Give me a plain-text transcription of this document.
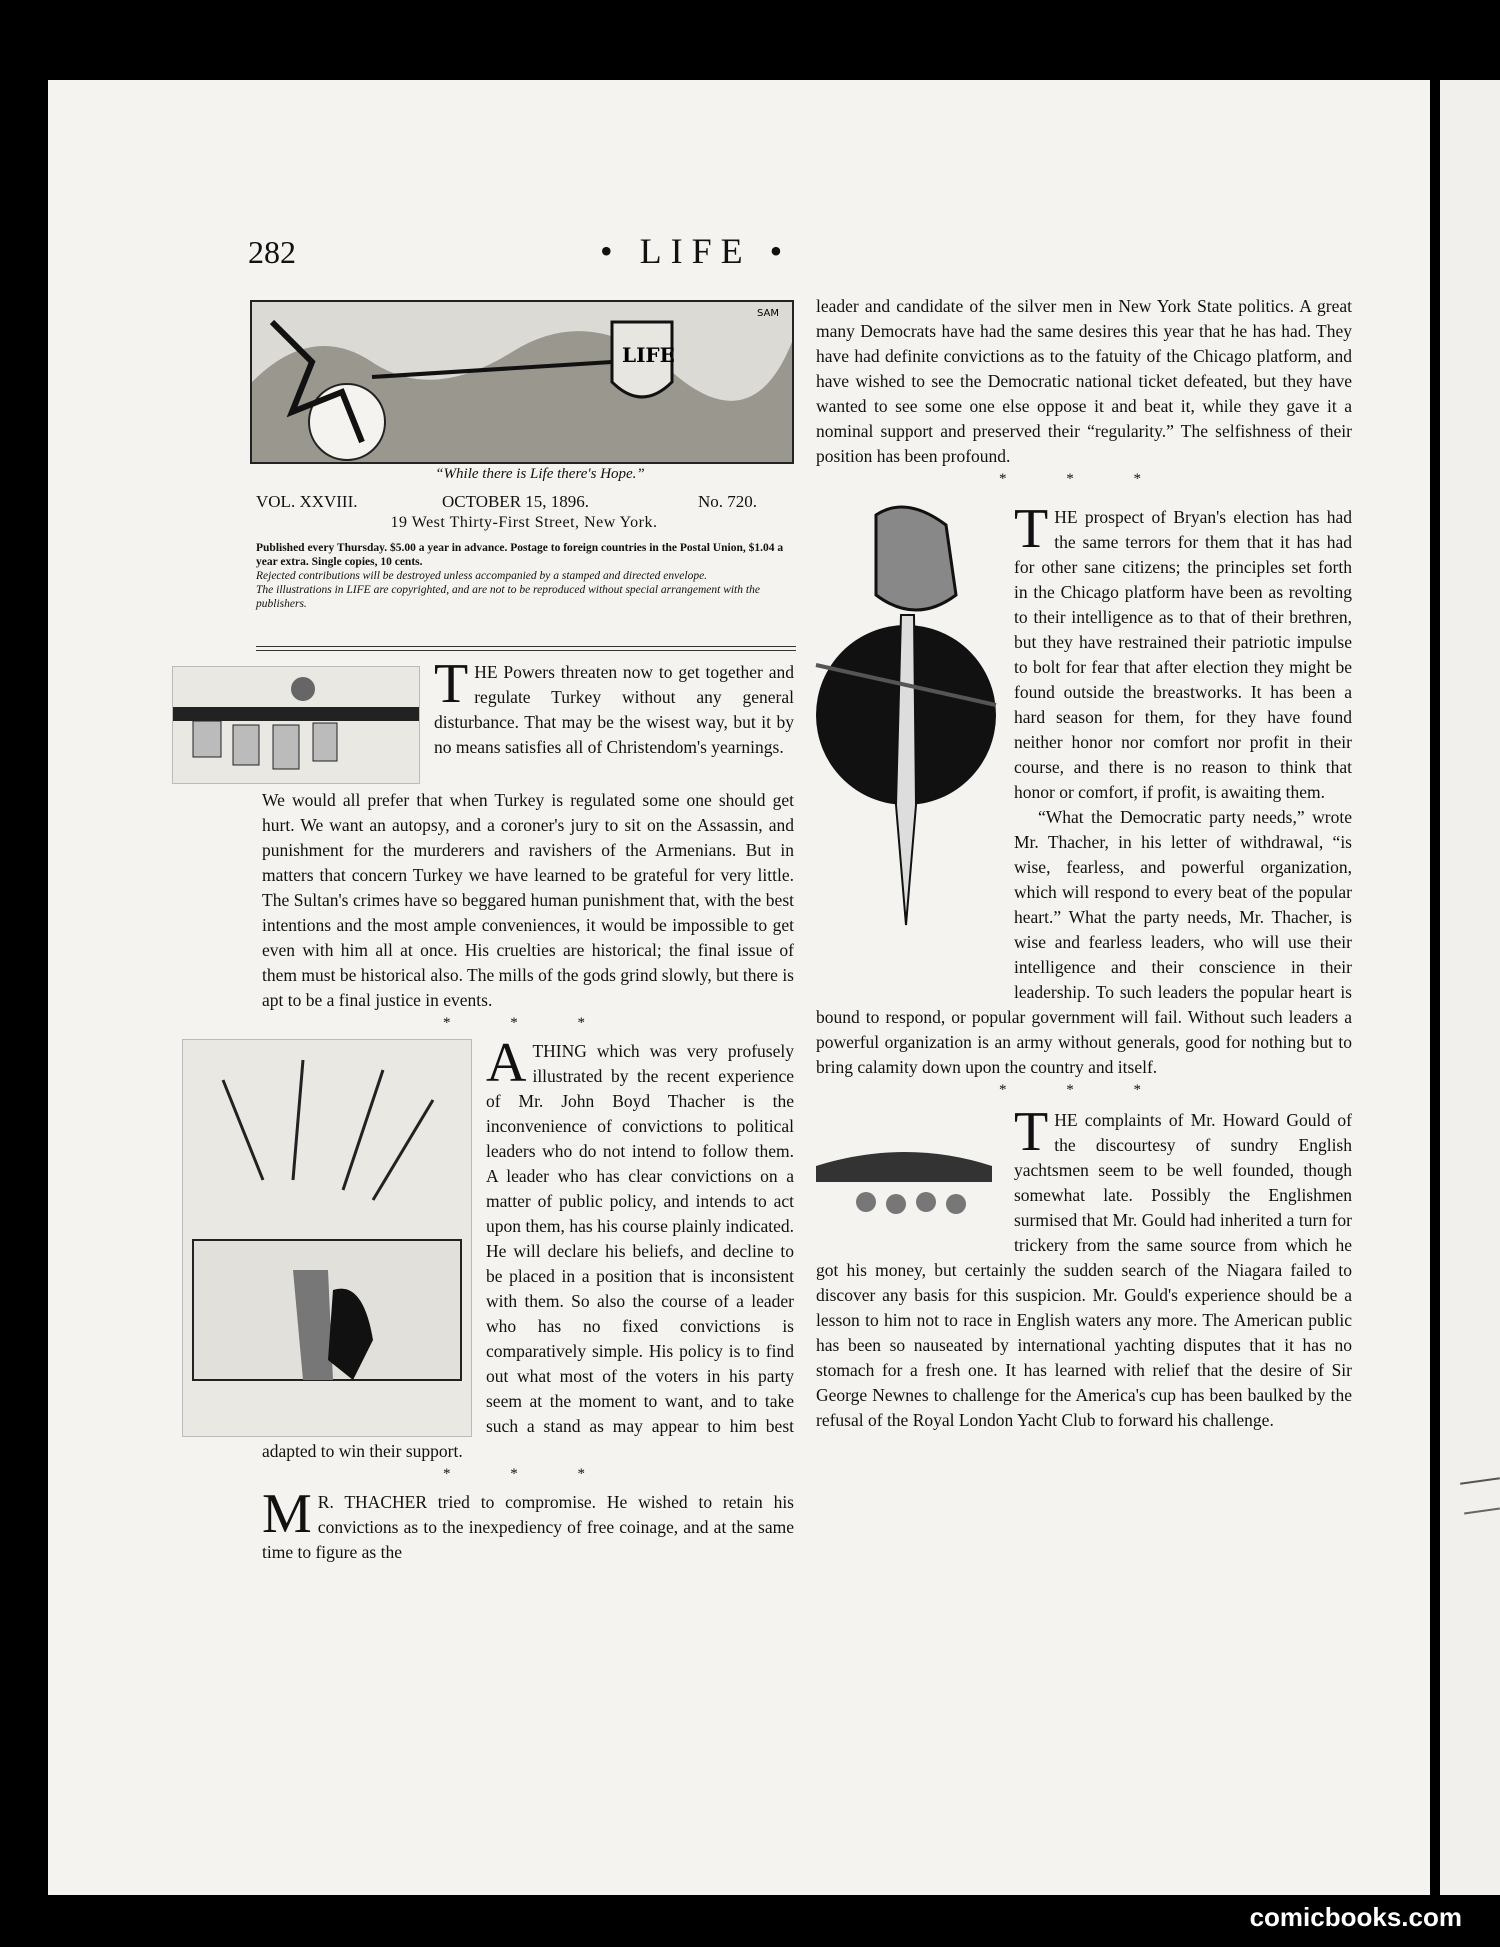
282	• LIFE •
LIFE
SAM
“While there is Life there's Hope.”
VOL. XXVIII.	OCTOBER 15, 1896.	No. 720.
19 West Thirty-First Street, New York.
Published every Thursday. $5.00 a year in advance. Postage to foreign countries in the Postal Union, $1.04 a year extra. Single copies, 10 cents.
Rejected contributions will be destroyed unless accompanied by a stamped and directed envelope.
The illustrations in LIFE are copyrighted, and are not to be reproduced without special arrangement with the publishers.
T HE Powers threaten now to get together and regulate Turkey without any general disturbance. That may be the wisest way, but it by no means satisfies all of Christendom's yearnings.

We would all prefer that when Turkey is regulated some one should get hurt. We want an autopsy, and a coroner's jury to sit on the Assassin, and punishment for the murderers and ravishers of the Armenians. But in matters that concern Turkey we have learned to be grateful for very little. The Sultan's crimes have so beggared human punishment that, with the best intentions and the most ample conveniences, it would be impossible to get even with him all at once. His cruelties are historical; the final issue of them must be historical also. The mills of the gods grind slowly, but there is apt to be a final justice in events.

* * *
A THING which was very profusely illustrated by the recent experience of Mr. John Boyd Thacher is the inconvenience of convictions to political leaders who do not intend to follow them. A leader who has clear convictions on a matter of public policy, and intends to act upon them, has his course plainly indicated. He will declare his beliefs, and decline to be placed in a position that is inconsistent with them. So also the course of a leader who has no fixed convictions is comparatively simple. His policy is to find out what most of the voters in his party seem at the moment to want, and to take such a stand as may appear to him best adapted to win their support.

* * *
M R. THACHER tried to compromise. He wished to retain his convictions as to the inexpediency of free coinage, and at the same time to figure as the

leader and candidate of the silver men in New York State politics. A great many Democrats have had the same desires this year that he has had. They have had definite convictions as to the fatuity of the Chicago platform, and have wished to see the Democratic national ticket defeated, but they have wanted to see some one else oppose it and beat it, while they gave it a nominal support and preserved their “regularity.” The selfishness of their position has been profound.

* * *
T HE prospect of Bryan's election has had the same terrors for them that it has had for other sane citizens; the principles set forth in the Chicago platform have been as revolting to their intelligence as to that of their brethren, but they have restrained their patriotic impulse to bolt for fear that after election they might be found outside the breastworks. It has been a hard season for them, for they have found neither honor nor comfort nor profit in their course, and there is no reason to think that honor or comfort, if profit, is awaiting them.

“What the Democratic party needs,” wrote Mr. Thacher, in his letter of withdrawal, “is wise, fearless, and powerful organization, which will respond to every beat of the popular heart.” What the party needs, Mr. Thacher, is wise and fearless leaders, who will use their intelligence and their conscience in their leadership. To such leaders the popular heart is bound to respond, or popular government will fail. Without such leaders a powerful organization is an army without generals, good for nothing but to bring calamity down upon the country and itself.

* * *
T HE complaints of Mr. Howard Gould of the discourtesy of sundry English yachtsmen seem to be well founded, though somewhat late. Possibly the Englishmen surmised that Mr. Gould had inherited a turn for trickery from the same source from which he got his money, but certainly the sudden search of the Niagara failed to discover any basis for this suspicion. Mr. Gould's experience should be a lesson to him not to race in English waters any more. The American public has been so nauseated by international yachting disputes that it has no stomach for a fresh one. It has learned with relief that the desire of Sir George Newnes to challenge for the America's cup has been baulked by the refusal of the Royal London Yacht Club to forward his challenge.

comicbooks.com
